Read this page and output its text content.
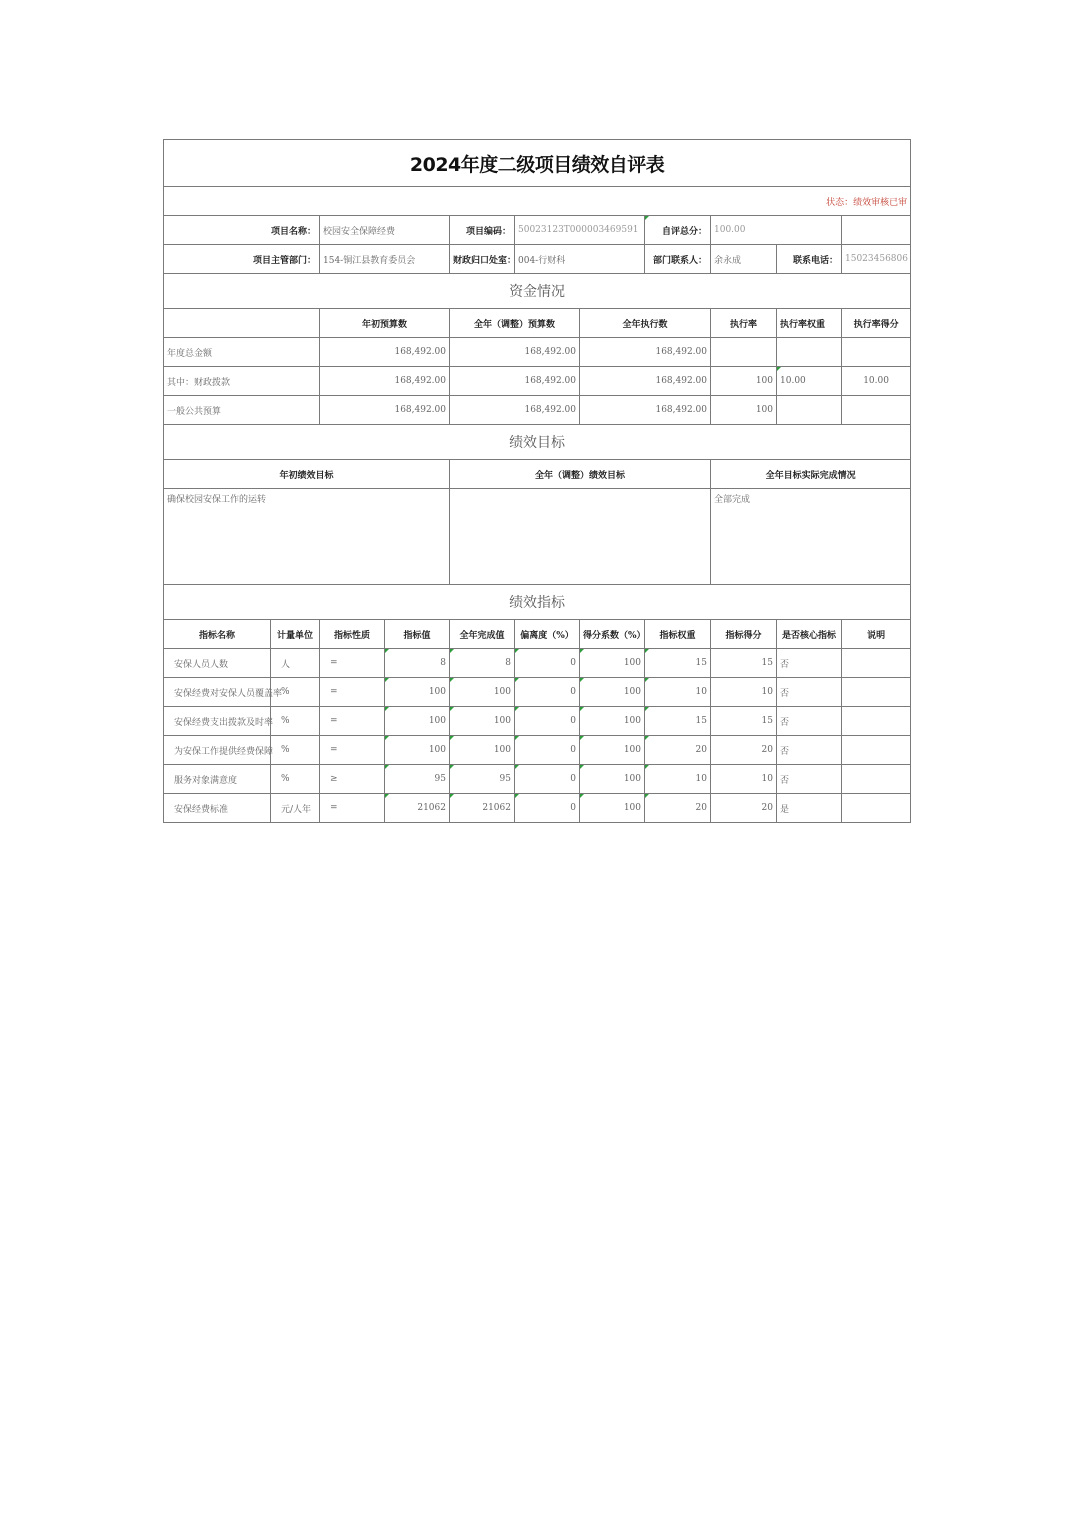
2024年度二级项目绩效自评表										
状态：绩效审核已审										
项目名称：		校园安全保障经费		项目编码：	50023123T000003469591		自评总分：	100.00		
项目主管部门：		154-铜江县教育委员会		财政归口处室：	004-行财科		部门联系人：	余永成	联系电话：	15023456806
资金情况										
		年初预算数		全年（调整）预算数		全年执行数		执行率	执行率权重	执行率得分
年度总金额		168,492.00		168,492.00		168,492.00				
其中：财政拨款		168,492.00		168,492.00		168,492.00		100	10.00	10.00
一般公共预算		168,492.00		168,492.00		168,492.00		100		
绩效目标										
年初绩效目标				全年（调整）绩效目标				全年目标实际完成情况		
确保校园安保工作的运转								全部完成		
绩效指标										
指标名称	计量单位	指标性质	指标值	全年完成值	偏离度（%）	得分系数（%）	指标权重	指标得分	是否核心指标	说明
安保人员人数	人	=	8	8	0	100	15	15	否	
安保经费对安保人员覆盖率	%	=	100	100	0	100	10	10	否	
安保经费支出拨款及时率	%	=	100	100	0	100	15	15	否	
为安保工作提供经费保障	%	=	100	100	0	100	20	20	否	
服务对象满意度	%	≥	95	95	0	100	10	10	否	
安保经费标准	元/人年	=	21062	21062	0	100	20	20	是	
